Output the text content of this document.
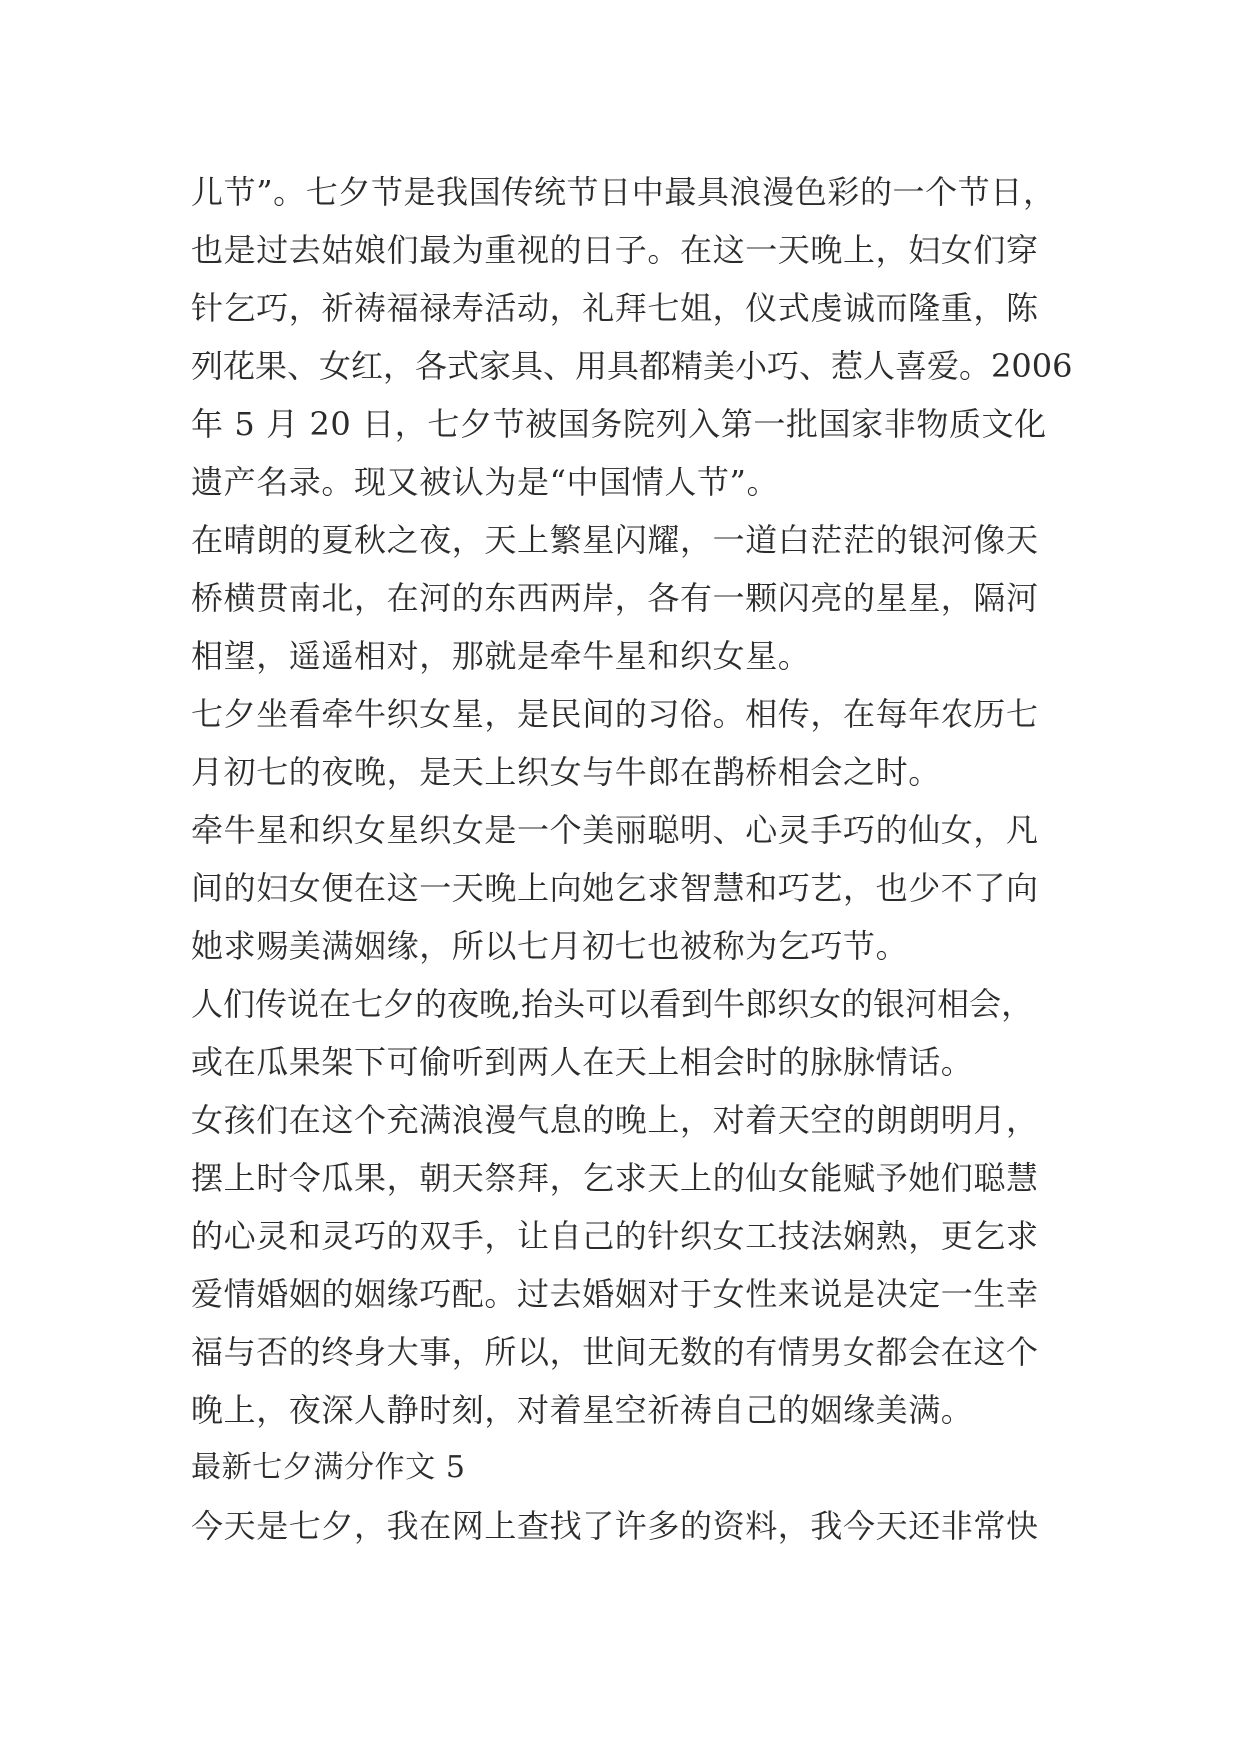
儿节”。七夕节是我国传统节日中最具浪漫色彩的一个节日，
也是过去姑娘们最为重视的日子。在这一天晚上，妇女们穿
针乞巧，祈祷福禄寿活动，礼拜七姐，仪式虔诚而隆重，陈
列花果、女红，各式家具、用具都精美小巧、惹人喜爱。2006
年 5 月 20 日，七夕节被国务院列入第一批国家非物质文化
遗产名录。现又被认为是“中国情人节”。
在晴朗的夏秋之夜，天上繁星闪耀，一道白茫茫的银河像天
桥横贯南北，在河的东西两岸，各有一颗闪亮的星星，隔河
相望，遥遥相对，那就是牵牛星和织女星。
七夕坐看牵牛织女星，是民间的习俗。相传，在每年农历七
月初七的夜晚，是天上织女与牛郎在鹊桥相会之时。
牵牛星和织女星织女是一个美丽聪明、心灵手巧的仙女，凡
间的妇女便在这一天晚上向她乞求智慧和巧艺，也少不了向
她求赐美满姻缘，所以七月初七也被称为乞巧节。
人们传说在七夕的夜晚,抬头可以看到牛郎织女的银河相会，
或在瓜果架下可偷听到两人在天上相会时的脉脉情话。
女孩们在这个充满浪漫气息的晚上，对着天空的朗朗明月，
摆上时令瓜果，朝天祭拜，乞求天上的仙女能赋予她们聪慧
的心灵和灵巧的双手，让自己的针织女工技法娴熟，更乞求
爱情婚姻的姻缘巧配。过去婚姻对于女性来说是决定一生幸
福与否的终身大事，所以，世间无数的有情男女都会在这个
晚上，夜深人静时刻，对着星空祈祷自己的姻缘美满。
最新七夕满分作文 5
今天是七夕，我在网上查找了许多的资料，我今天还非常快
